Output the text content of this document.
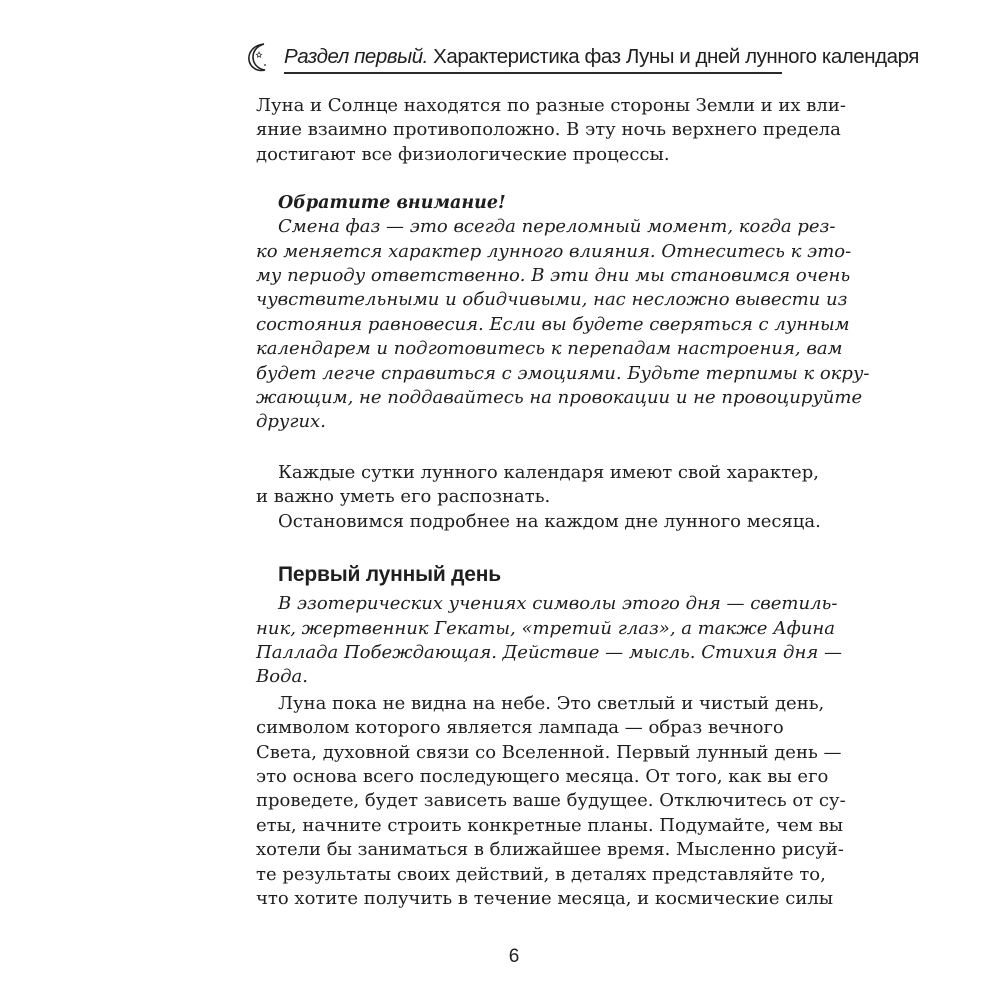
Раздел первый. Характеристика фаз Луны и дней лунного календаря

Луна и Солнце находятся по разные стороны Земли и их вли-
яние взаимно противоположно. В эту ночь верхнего предела
достигают все физиологические процессы.

Обратите внимание!

Смена фаз — это всегда переломный момент, когда рез-
ко меняется характер лунного влияния. Отнеситесь к это-
му периоду ответственно. В эти дни мы становимся очень
чувствительными и обидчивыми, нас несложно вывести из
состояния равновесия. Если вы будете сверяться с лунным
календарем и подготовитесь к перепадам настроения, вам
будет легче справиться с эмоциями. Будьте терпимы к окру-
жающим, не поддавайтесь на провокации и не провоцируйте
других.

Каждые сутки лунного календаря имеют свой характер,
и важно уметь его распознать.

Остановимся подробнее на каждом дне лунного месяца.

Первый лунный день

В эзотерических учениях символы этого дня — светиль-
ник, жертвенник Гекаты, «третий глаз», а также Афина
Паллада Побеждающая. Действие — мысль. Стихия дня —
Вода.

Луна пока не видна на небе. Это светлый и чистый день,
символом которого является лампада — образ вечного
Света, духовной связи со Вселенной. Первый лунный день —
это основа всего последующего месяца. От того, как вы его
проведете, будет зависеть ваше будущее. Отключитесь от су-
еты, начните строить конкретные планы. Подумайте, чем вы
хотели бы заниматься в ближайшее время. Мысленно рисуй-
те результаты своих действий, в деталях представляйте то,
что хотите получить в течение месяца, и космические силы

6
